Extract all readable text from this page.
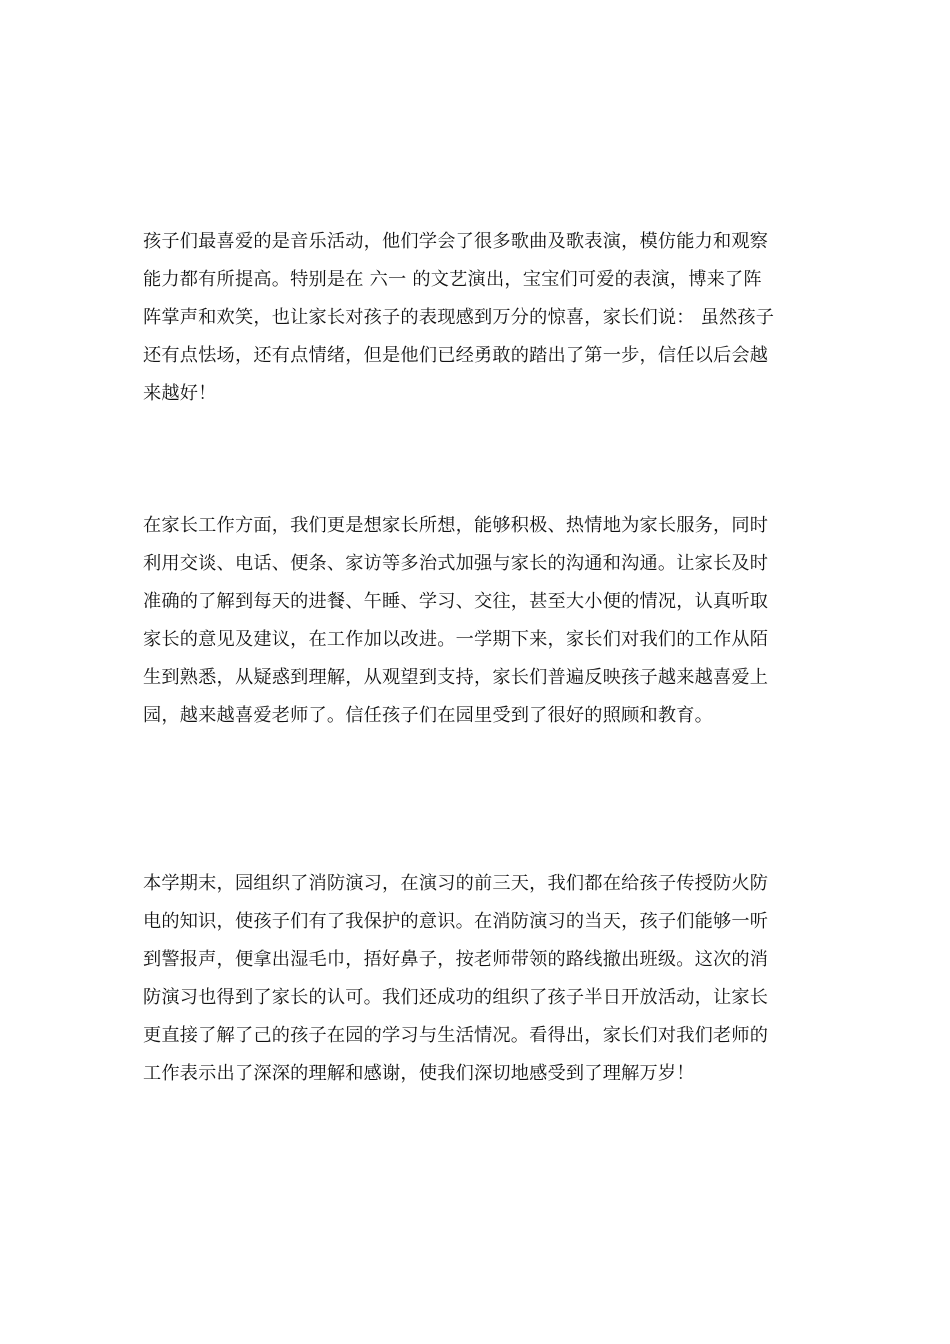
孩子们最喜爱的是音乐活动，他们学会了很多歌曲及歌表演，模仿能力和观察
能力都有所提高。特别是在 六一 的文艺演出，宝宝们可爱的表演，博来了阵
阵掌声和欢笑，也让家长对孩子的表现感到万分的惊喜，家长们说： 虽然孩子
还有点怯场，还有点情绪，但是他们已经勇敢的踏出了第一步，信任以后会越
来越好！
在家长工作方面，我们更是想家长所想，能够积极、热情地为家长服务，同时
利用交谈、电话、便条、家访等多治式加强与家长的沟通和沟通。让家长及时
准确的了解到每天的进餐、午睡、学习、交往，甚至大小便的情况，认真听取
家长的意见及建议，在工作加以改进。一学期下来，家长们对我们的工作从陌
生到熟悉，从疑惑到理解，从观望到支持，家长们普遍反映孩子越来越喜爱上
园，越来越喜爱老师了。信任孩子们在园里受到了很好的照顾和教育。
本学期末，园组织了消防演习，在演习的前三天，我们都在给孩子传授防火防
电的知识，使孩子们有了我保护的意识。在消防演习的当天，孩子们能够一听
到警报声，便拿出湿毛巾，捂好鼻子，按老师带领的路线撤出班级。这次的消
防演习也得到了家长的认可。我们还成功的组织了孩子半日开放活动，让家长
更直接了解了己的孩子在园的学习与生活情况。看得出，家长们对我们老师的
工作表示出了深深的理解和感谢，使我们深切地感受到了理解万岁！
